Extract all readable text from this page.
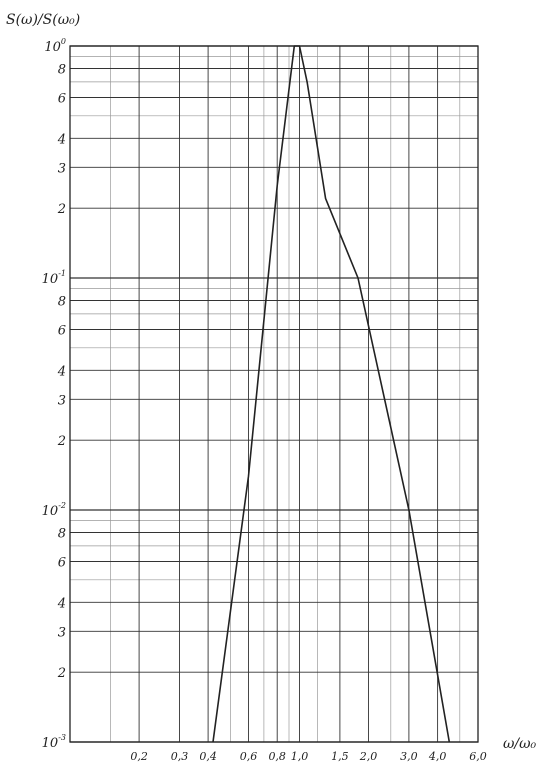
$10^0$
8
6
4
3
2
$10^{-1}$
8
6
4
3
2
$10^{-2}$
8
6
4
3
2
$10^{-3}$
0,2 0,3 0,4 0,6 0,8 1,0 1,5 2,0 3,0 4,0 6,0
S(ω)/S(ω₀)
ω/ω₀
